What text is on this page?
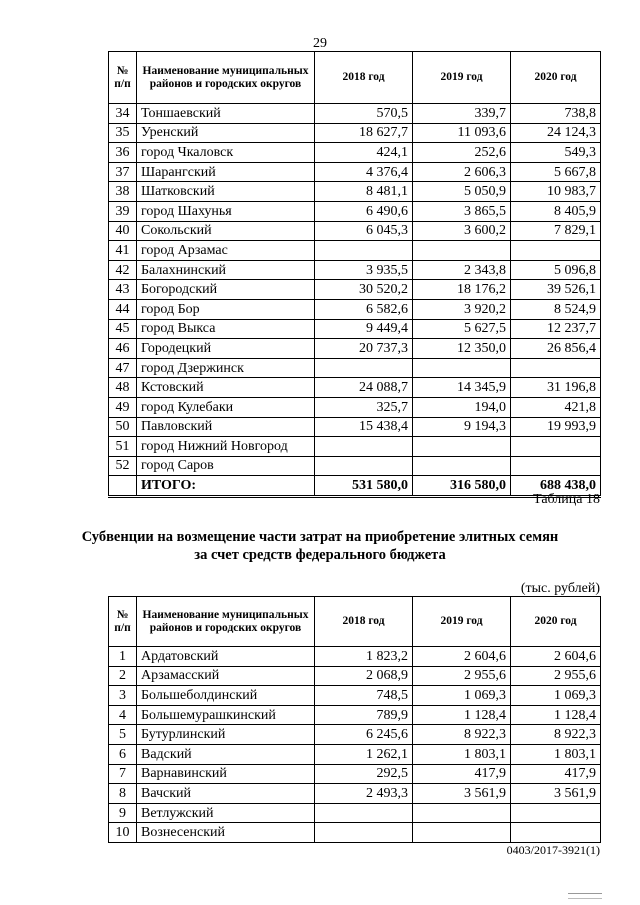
29
№ п/п	Наименование муниципальных районов и городских округов	2018 год	2019 год	2020 год
34	Тоншаевский	570,5	339,7	738,8
35	Уренский	18 627,7	11 093,6	24 124,3
36	город Чкаловск	424,1	252,6	549,3
37	Шарангский	4 376,4	2 606,3	5 667,8
38	Шатковский	8 481,1	5 050,9	10 983,7
39	город Шахунья	6 490,6	3 865,5	8 405,9
40	Сокольский	6 045,3	3 600,2	7 829,1
41	город Арзамас			
42	Балахнинский	3 935,5	2 343,8	5 096,8
43	Богородский	30 520,2	18 176,2	39 526,1
44	город Бор	6 582,6	3 920,2	8 524,9
45	город Выкса	9 449,4	5 627,5	12 237,7
46	Городецкий	20 737,3	12 350,0	26 856,4
47	город Дзержинск			
48	Кстовский	24 088,7	14 345,9	31 196,8
49	город Кулебаки	325,7	194,0	421,8
50	Павловский	15 438,4	9 194,3	19 993,9
51	город Нижний Новгород			
52	город Саров			
	ИТОГО:	531 580,0	316 580,0	688 438,0
Таблица 18
Субвенции на возмещение части затрат на приобретение элитных семян за счет средств федерального бюджета
(тыс. рублей)
№ п/п	Наименование муниципальных районов и городских округов	2018 год	2019 год	2020 год
1	Ардатовский	1 823,2	2 604,6	2 604,6
2	Арзамасский	2 068,9	2 955,6	2 955,6
3	Большеболдинский	748,5	1 069,3	1 069,3
4	Большемурашкинский	789,9	1 128,4	1 128,4
5	Бутурлинский	6 245,6	8 922,3	8 922,3
6	Вадский	1 262,1	1 803,1	1 803,1
7	Варнавинский	292,5	417,9	417,9
8	Вачский	2 493,3	3 561,9	3 561,9
9	Ветлужский			
10	Вознесенский			
0403/2017-3921(1)
